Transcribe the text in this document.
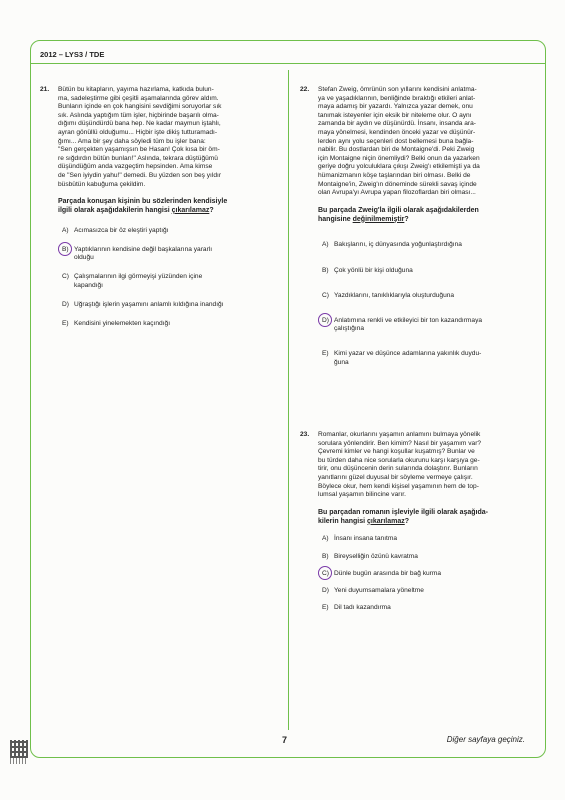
2012 – LYS3 / TDE
21. Bütün bu kitapların, yayıma hazırlama, katkıda bulun-
ma, sadeleştirme gibi çeşitli aşamalarında görev aldım.
Bunların içinde en çok hangisini sevdiğimi soruyorlar sık
sık. Aslında yaptığım tüm işler, hiçbirinde başarılı olma-
dığımı düşündürdü bana hep. Ne kadar maymun iştahlı,
ayran gönüllü olduğumu... Hiçbir işte dikiş tutturamadı-
ğımı... Ama bir şey daha söyledi tüm bu işler bana:
"Sen gerçekten yaşamışsın be Hasan! Çok kısa bir öm-
re sığdırdın bütün bunları!" Aslında, tekrara düştüğümü
düşündüğüm anda vazgeçtim hepsinden. Ama kimse
de "Sen iyiydin yahu!" demedi. Bu yüzden son beş yıldır
büsbütün kabuğuma çekildim.

Parçada konuşan kişinin bu sözlerinden kendisiyle
ilgili olarak aşağıdakilerin hangisi çıkarılamaz?

A) Acımasızca bir öz eleştiri yaptığı
B) Yaptıklarının kendisine değil başkalarına yararlı
olduğu
C) Çalışmalarının ilgi görmeyişi yüzünden içine
kapandığı
D) Uğraştığı işlerin yaşamını anlamlı kıldığına inandığı
E) Kendisini yinelemekten kaçındığı
22. Stefan Zweig, ömrünün son yıllarını kendisini anlatma-
ya ve yaşadıklarının, benliğinde bıraktığı etkileri anlat-
maya adamış bir yazardı. Yalnızca yazar demek, onu
tanımak isteyenler için eksik bir niteleme olur. O aynı
zamanda bir aydın ve düşünürdü. İnsanı, insanda ara-
maya yönelmesi, kendinden önceki yazar ve düşünür-
lerden aynı yolu seçenleri dost bellemesi buna bağla-
nabilir. Bu dostlardan biri de Montaigne'di. Peki Zweig
için Montaigne niçin önemliydi? Belki onun da yazarken
geriye doğru yolculuklara çıkışı Zweig'ı etkilemişti ya da
hümanizmanın köşe taşlarından biri olması. Belki de
Montaigne'in, Zweig'ın döneminde sürekli savaş içinde
olan Avrupa'yı Avrupa yapan filozoflardan biri olması...

Bu parçada Zweig'la ilgili olarak aşağıdakilerden
hangisine değinilmemiştir?

A) Bakışlarını, iç dünyasında yoğunlaştırdığına
B) Çok yönlü bir kişi olduğuna
C) Yazdıklarını, tanıklıklarıyla oluşturduğuna
D) Anlatımına renkli ve etkileyici bir ton kazandırmaya
çalıştığına
E) Kimi yazar ve düşünce adamlarına yakınlık duydu-
ğuna
23. Romanlar, okurlarını yaşamın anlamını bulmaya yönelik
sorulara yönlendirir. Ben kimim? Nasıl bir yaşamım var?
Çevremi kimler ve hangi koşullar kuşatmış? Bunlar ve
bu türden daha nice sorularla okurunu karşı karşıya ge-
tirir, onu düşüncenin derin sularında dolaştırır. Bunların
yanıtlarını güzel duyusal bir söyleme vermeye çalışır.
Böylece okur, hem kendi kişisel yaşamının hem de top-
lumsal yaşamın bilincine varır.

Bu parçadan romanın işleviyle ilgili olarak aşağıda-
kilerin hangisi çıkarılamaz?

A) İnsanı insana tanıtma
B) Bireyselliğin özünü kavratma
C) Dünle bugün arasında bir bağ kurma
D) Yeni duyumsamalara yöneltme
E) Dil tadı kazandırma
7	Diğer sayfaya geçiniz.
